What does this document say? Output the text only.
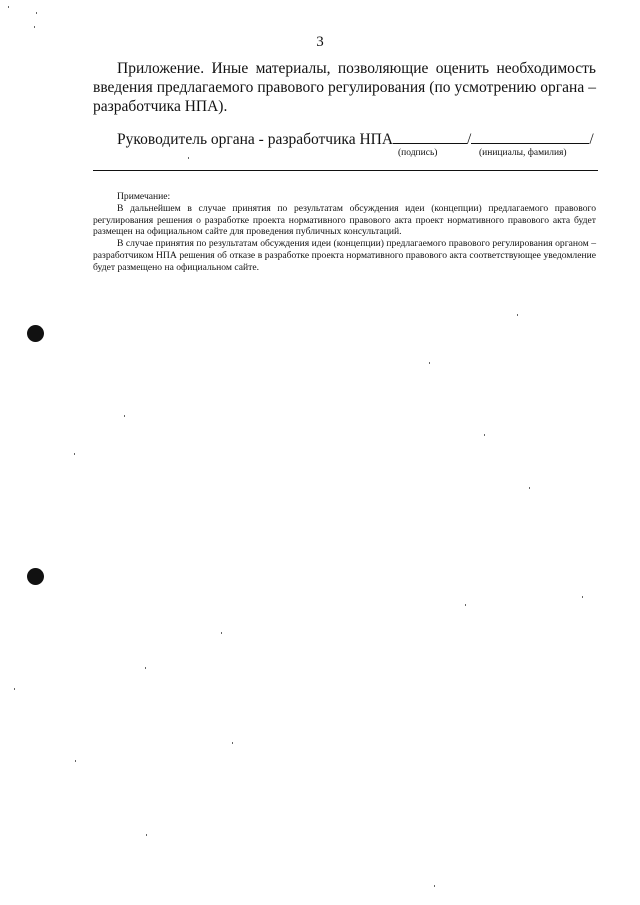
3
Приложение. Иные материалы, позволяющие оценить необходимость введения предлагаемого правового регулирования (по усмотрению органа – разработчика НПА).
Руководитель органа - разработчика НПА	/	/
(подпись)	(инициалы, фамилия)

Примечание:

В дальнейшем в случае принятия по результатам обсуждения идеи (концепции) предлагаемого правового регулирования решения о разработке проекта нормативного правового акта проект нормативного правового акта будет размещен на официальном сайте для проведения публичных консультаций.

В случае принятия по результатам обсуждения идеи (концепции) предлагаемого правового регулирования органом – разработчиком НПА решения об отказе в разработке проекта нормативного правового акта соответствующее уведомление будет размещено на официальном сайте.
